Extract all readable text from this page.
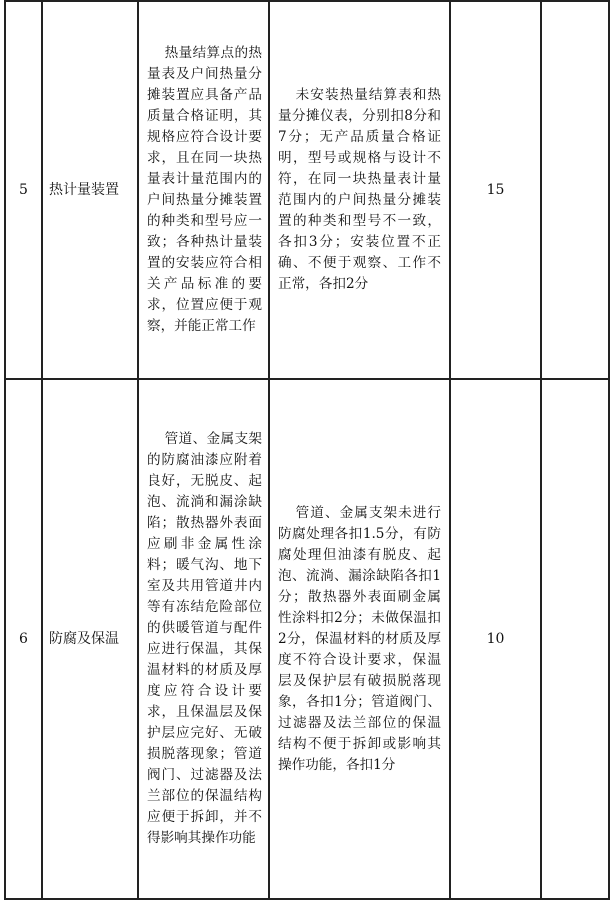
5	热计量装置	热量结算点的热量表及户间热量分摊装置应具备产品质量合格证明，其规格应符合设计要求，且在同一块热量表计量范围内的户间热量分摊装置的种类和型号应一致；各种热计量装置的安装应符合相关产品标准的要求，位置应便于观察，并能正常工作	未安装热量结算表和热量分摊仪表，分别扣8分和7分；无产品质量合格证明，型号或规格与设计不符，在同一块热量表计量范围内的户间热量分摊装置的种类和型号不一致，各扣3分；安装位置不正确、不便于观察、工作不正常，各扣2分	15	
6	防腐及保温	管道、金属支架的防腐油漆应附着良好，无脱皮、起泡、流淌和漏涂缺陷；散热器外表面应刷非金属性涂料；暖气沟、地下室及共用管道井内等有冻结危险部位的供暖管道与配件应进行保温，其保温材料的材质及厚度应符合设计要求，且保温层及保护层应完好、无破损脱落现象；管道阀门、过滤器及法兰部位的保温结构应便于拆卸，并不得影响其操作功能	管道、金属支架未进行防腐处理各扣1.5分，有防腐处理但油漆有脱皮、起泡、流淌、漏涂缺陷各扣1分；散热器外表面刷金属性涂料扣2分；未做保温扣2分，保温材料的材质及厚度不符合设计要求，保温层及保护层有破损脱落现象，各扣1分；管道阀门、过滤器及法兰部位的保温结构不便于拆卸或影响其操作功能，各扣1分	10	
